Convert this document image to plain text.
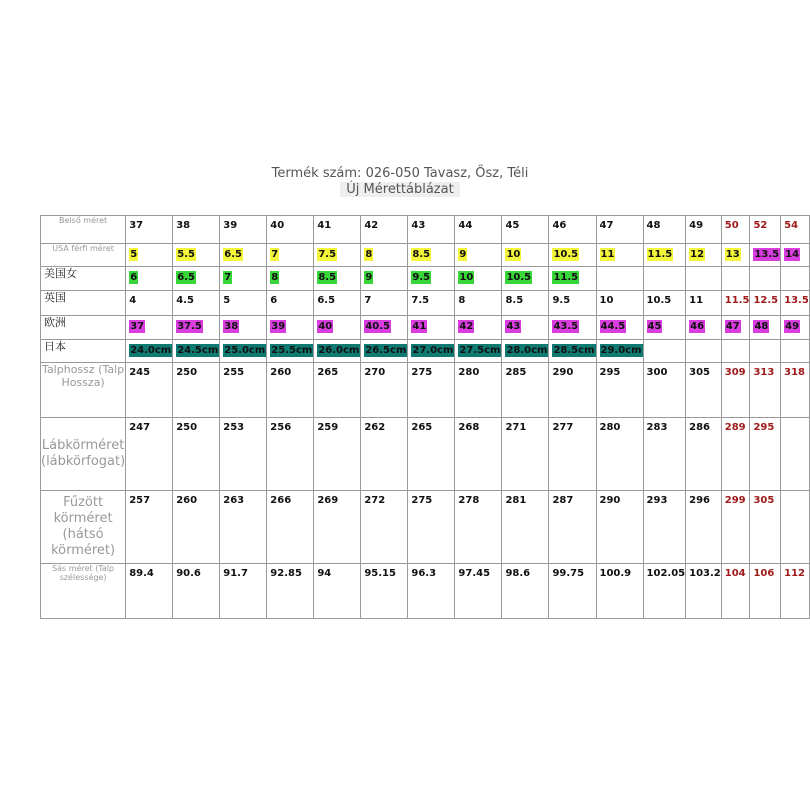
Termék szám: 026-050 Tavasz, Ősz, Téli
Új Mérettáblázat
Belső méret	37	38	39	40	41	42	43	44	45	46	47	48	49	50	52	54
USA férfi méret	5	5.5	6.5	7	7.5	8	8.5	9	10	10.5	11	11.5	12	13	13.5	14
美国女	6	6.5	7	8	8.5	9	9.5	10	10.5	11.5						
英国	4	4.5	5	6	6.5	7	7.5	8	8.5	9.5	10	10.5	11	11.5	12.5	13.5
欧洲	37	37.5	38	39	40	40.5	41	42	43	43.5	44.5	45	46	47	48	49
日本	24.0cm	24.5cm	25.0cm	25.5cm	26.0cm	26.5cm	27.0cm	27.5cm	28.0cm	28.5cm	29.0cm					
Talphossz (Talp Hossza)	245	250	255	260	265	270	275	280	285	290	295	300	305	309	313	318
Lábkörméret (lábkörfogat)	247	250	253	256	259	262	265	268	271	277	280	283	286	289	295	
Fűzött körméret (hátsó körméret)	257	260	263	266	269	272	275	278	281	287	290	293	296	299	305	
Sás méret (Talp szélessége)	89.4	90.6	91.7	92.85	94	95.15	96.3	97.45	98.6	99.75	100.9	102.05	103.2	104	106	112
